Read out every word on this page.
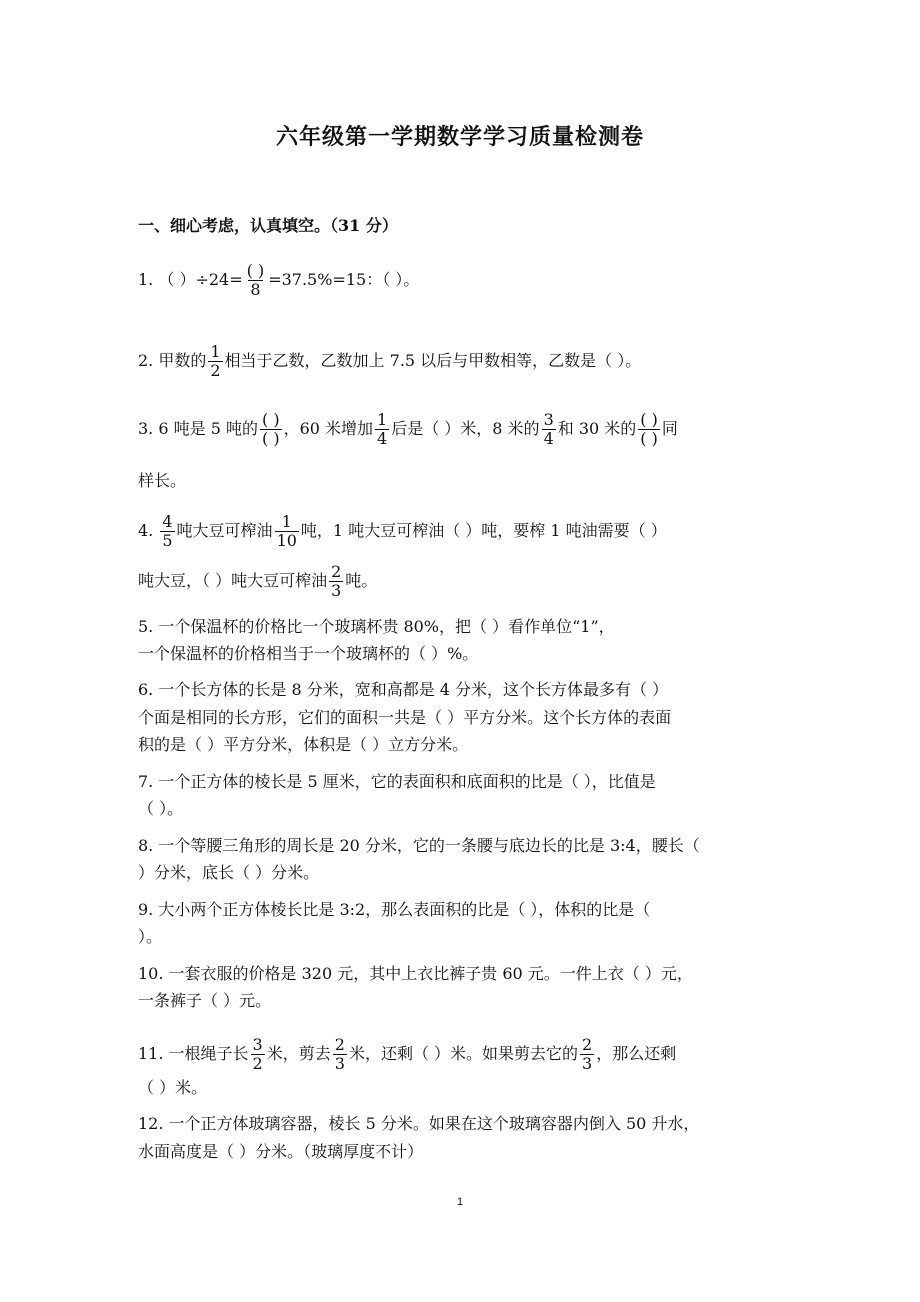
六年级第一学期数学学习质量检测卷
一、细心考虑，认真填空。（31 分）
1. （ ）$\div 24= \frac{( )}{8} =37.5\%=15$：（ ）。
2. 甲数的 $\frac{1}{2}$ 相当于乙数，乙数加上 7.5 以后与甲数相等，乙数是（ ）。
3. 6 吨是 5 吨的 $\frac{( )}{( )}$ ，60 米增加 $\frac{1}{4}$ 后是（ ）米，8 米的 $\frac{3}{4}$ 和 30 米的 $\frac{( )}{( )}$ 同
样长。
4. $\frac{4}{5}$ 吨大豆可榨油 $\frac{1}{10}$ 吨，1 吨大豆可榨油（ ）吨，要榨 1 吨油需要（ ）
吨大豆，（ ）吨大豆可榨油 $\frac{2}{3}$ 吨。
5. 一个保温杯的价格比一个玻璃杯贵 80%，把（ ）看作单位“1”，
一个保温杯的价格相当于一个玻璃杯的（ ）%。
6. 一个长方体的长是 8 分米，宽和高都是 4 分米，这个长方体最多有（ ）
个面是相同的长方形，它们的面积一共是（ ）平方分米。这个长方体的表面
积的是（ ）平方分米，体积是（ ）立方分米。
7. 一个正方体的棱长是 5 厘米，它的表面积和底面积的比是（ ），比值是
（ ）。
8. 一个等腰三角形的周长是 20 分米，它的一条腰与底边长的比是 3:4，腰长（
）分米，底长（ ）分米。
9. 大小两个正方体棱长比是 3:2，那么表面积的比是（ ），体积的比是（
）。
10. 一套衣服的价格是 320 元，其中上衣比裤子贵 60 元。一件上衣（ ）元，
一条裤子（ ）元。
11. 一根绳子长 $\frac{3}{2}$ 米，剪去 $\frac{2}{3}$ 米，还剩（ ）米。如果剪去它的 $\frac{2}{3}$ ，那么还剩
（ ）米。
12. 一个正方体玻璃容器，棱长 5 分米。如果在这个玻璃容器内倒入 50 升水，
水面高度是（ ）分米。（玻璃厚度不计）
1
